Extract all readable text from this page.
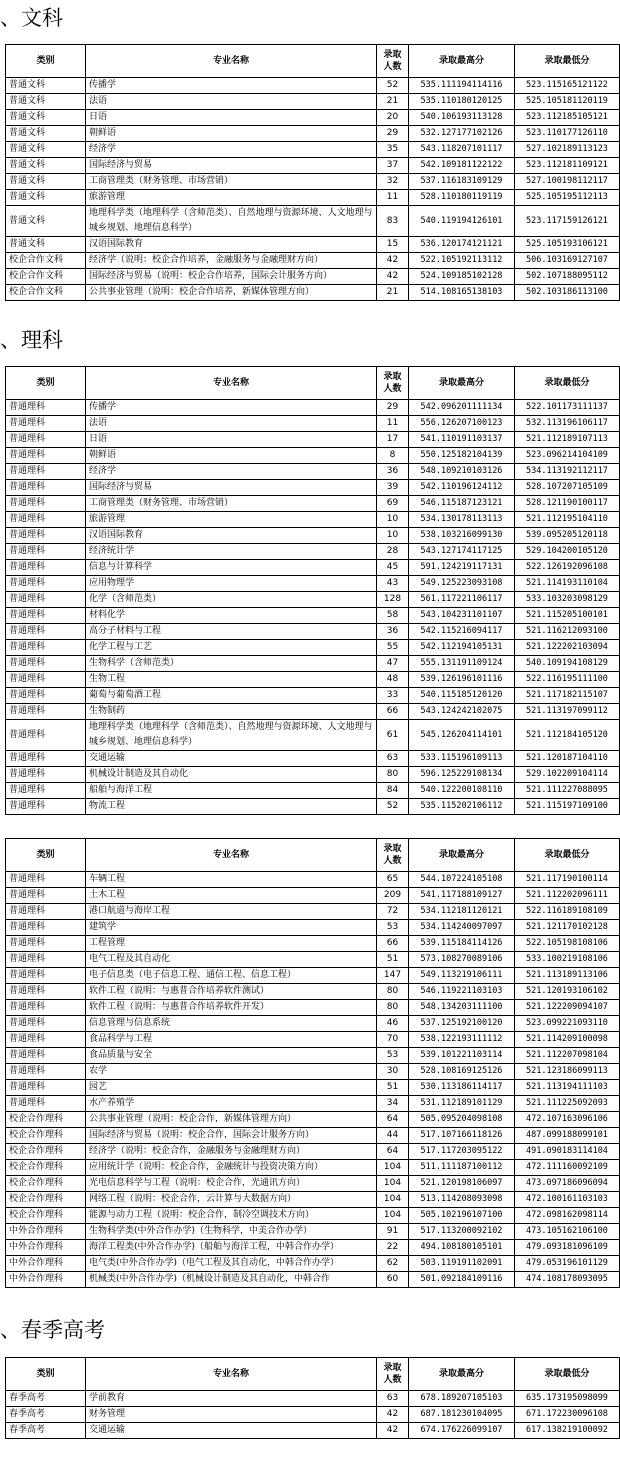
、文科
类别	专业名称	录取人数	录取最高分	录取最低分
普通文科	传播学	52	535.111194114116	523.115165121122
普通文科	法语	21	535.110180120125	525.105181120119
普通文科	日语	20	540.106193113128	523.112185105121
普通文科	朝鲜语	29	532.127177102126	523.110177126110
普通文科	经济学	35	543.118207101117	527.102189113123
普通文科	国际经济与贸易	37	542.109181122122	523.112181109121
普通文科	工商管理类（财务管理、市场营销）	32	537.116183109129	527.100198112117
普通文科	旅游管理	11	528.110180119119	525.105195112113
普通文科	地理科学类（地理科学（含师范类）、自然地理与资源环境、人文地理与城乡规划、地理信息科学）	83	540.119194126101	523.117159126121
普通文科	汉语国际教育	15	536.120174121121	525.105193106121
校企合作文科	经济学（说明：校企合作培养，金融服务与金融理财方向）	42	522.105192113112	506.103169127107
校企合作文科	国际经济与贸易（说明：校企合作培养，国际会计服务方向）	42	524.109185102128	502.107188095112
校企合作文科	公共事业管理（说明：校企合作培养，新媒体管理方向）	21	514.108165138103	502.103186113100
、理科
类别	专业名称	录取人数	录取最高分	录取最低分
普通理科	传播学	29	542.096201111134	522.101173111137
普通理科	法语	11	556.126207100123	532.113196106117
普通理科	日语	17	541.110191103137	521.112189107113
普通理科	朝鲜语	8	550.125182104139	523.096214104109
普通理科	经济学	36	548.109210103126	534.113192112117
普通理科	国际经济与贸易	39	542.110196124112	528.107207105109
普通理科	工商管理类（财务管理、市场营销）	69	546.115187123121	528.121190100117
普通理科	旅游管理	10	534.130178113113	521.112195104110
普通理科	汉语国际教育	10	538.103216099130	539.095205120118
普通理科	经济统计学	28	543.127174117125	529.104200105120
普通理科	信息与计算科学	45	591.124219117131	522.126192096108
普通理科	应用物理学	43	549.125223093108	521.114193110104
普通理科	化学（含师范类）	128	561.117221106117	533.103203098129
普通理科	材料化学	58	543.104231101107	521.115205100101
普通理科	高分子材料与工程	36	542.115216094117	521.116212093100
普通理科	化学工程与工艺	55	542.112194105131	521.122202103094
普通理科	生物科学（含师范类）	47	555.131191109124	540.109194108129
普通理科	生物工程	48	539.126196101116	522.116195111100
普通理科	葡萄与葡萄酒工程	33	540.115185120120	521.117182115107
普通理科	生物制药	66	543.124242102075	521.113197099112
普通理科	地理科学类（地理科学（含师范类）、自然地理与资源环境、人文地理与城乡规划、地理信息科学）	61	545.126204114101	521.112184105120
普通理科	交通运输	63	533.115196109113	521.120187104110
普通理科	机械设计制造及其自动化	80	596.125229108134	529.102209104114
普通理科	船舶与海洋工程	84	540.122200108110	521.111227088095
普通理科	物流工程	52	535.115202106112	521.115197109100
类别	专业名称	录取人数	录取最高分	录取最低分
普通理科	车辆工程	65	544.107224105108	521.117190100114
普通理科	土木工程	209	541.117188109127	521.112202096111
普通理科	港口航道与海岸工程	72	534.112181120121	522.116189108109
普通理科	建筑学	53	534.114240097097	521.121170102128
普通理科	工程管理	66	539.115184114126	522.105198108106
普通理科	电气工程及其自动化	51	573.108270089106	533.100219108106
普通理科	电子信息类（电子信息工程、通信工程、信息工程）	147	549.113219106111	521.113189113106
普通理科	软件工程（说明：与惠普合作培养软件测试）	80	546.119221103103	521.120193106102
普通理科	软件工程（说明：与惠普合作培养软件开发）	80	548.134203111100	521.122209094107
普通理科	信息管理与信息系统	46	537.125192100120	523.099221093110
普通理科	食品科学与工程	70	538.122193111112	521.114209100098
普通理科	食品质量与安全	53	539.101221103114	521.112207098104
普通理科	农学	30	528.108169125126	521.123186099113
普通理科	园艺	51	530.113186114117	521.113194111103
普通理科	水产养殖学	34	531.112189101129	521.111225092093
校企合作理科	公共事业管理（说明：校企合作，新媒体管理方向）	64	505.095204098108	472.107163096106
校企合作理科	国际经济与贸易（说明：校企合作，国际会计服务方向）	44	517.107166118126	487.099188099101
校企合作理科	经济学（说明：校企合作，金融服务与金融理财方向）	64	517.117203095122	491.090183114104
校企合作理科	应用统计学（说明：校企合作，金融统计与投资决策方向）	104	511.111187100112	472.111160092109
校企合作理科	光电信息科学与工程（说明：校企合作，光通讯方向）	104	521.120198106097	473.097186096094
校企合作理科	网络工程（说明：校企合作，云计算与大数据方向）	104	513.114208093098	472.100161103103
校企合作理科	能源与动力工程（说明：校企合作，制冷空调技术方向）	104	505.102196107100	472.098162098114
中外合作理科	生物科学类(中外合作办学)（生物科学，中美合作办学）	91	517.113200092102	473.105162106100
中外合作理科	海洋工程类(中外合作办学)（船舶与海洋工程，中韩合作办学）	22	494.108180105101	479.093181096109
中外合作理科	电气类(中外合作办学)（电气工程及其自动化，中韩合作办学）	62	503.119191102091	479.053196101129
中外合作理科	机械类(中外合作办学)（机械设计制造及其自动化，中韩合作	60	501.092184109116	474.108178093095
、春季高考
类别	专业名称	录取人数	录取最高分	录取最低分
春季高考	学前教育	63	678.189207105103	635.173195098099
春季高考	财务管理	42	687.181230104095	671.172230096108
春季高考	交通运输	42	674.176226099107	617.138219100092
